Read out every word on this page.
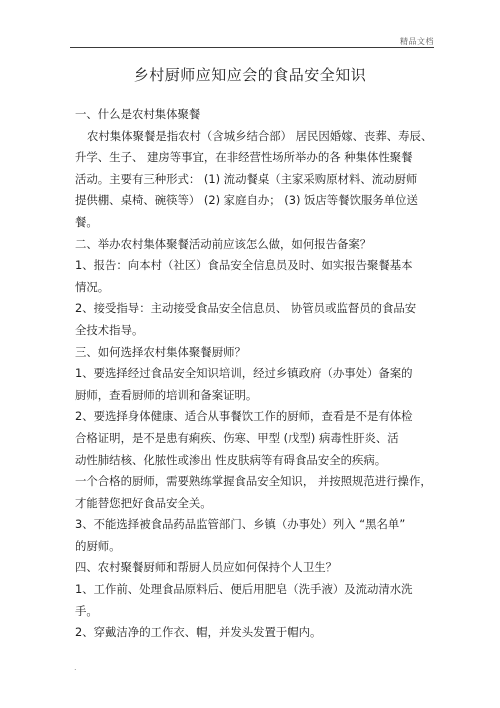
精品文档
乡村厨师应知应会的食品安全知识
一、什么是农村集体聚餐
农村集体聚餐是指农村（含城乡结合部） 居民因婚嫁、丧葬、寿辰、
升学、生子、 建房等事宜，在非经营性场所举办的各 种集体性聚餐
活动。主要有三种形式： (1) 流动餐桌（主家采购原材料、流动厨师
提供棚、桌椅、碗筷等） (2) 家庭自办； (3) 饭店等餐饮服务单位送
餐。
二、举办农村集体聚餐活动前应该怎么做，如何报告备案？
1、报告：向本村（社区）食品安全信息员及时、如实报告聚餐基本
情况。
2、接受指导：主动接受食品安全信息员、 协管员或监督员的食品安
全技术指导。
三、如何选择农村集体聚餐厨师？
1、要选择经过食品安全知识培训，经过乡镇政府（办事处）备案的
厨师，查看厨师的培训和备案证明。
2、要选择身体健康、适合从事餐饮工作的厨师，查看是不是有体检
合格证明，是不是患有痢疾、伤寒、甲型 (戊型) 病毒性肝炎、活
动性肺结核、化脓性或渗出 性皮肤病等有碍食品安全的疾病。
一个合格的厨师，需要熟练掌握食品安全知识， 并按照规范进行操作，
才能替您把好食品安全关。
3、不能选择被食品药品监管部门、乡镇（办事处）列入 “黑名单”
的厨师。
四、农村聚餐厨师和帮厨人员应如何保持个人卫生？
1、工作前、处理食品原料后、便后用肥皂（洗手液）及流动清水洗
手。
2、穿戴洁净的工作衣、帽，并发头发置于帽内。
.
